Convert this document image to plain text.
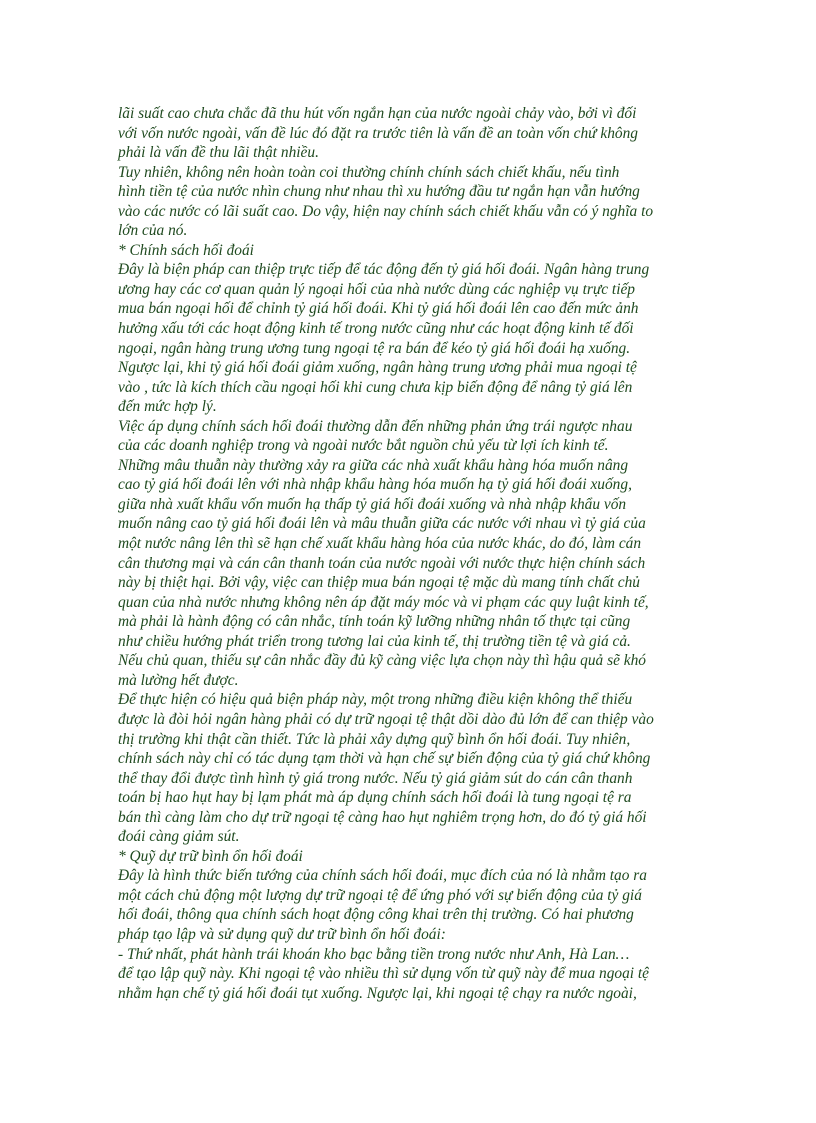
lãi suất cao chưa chắc đã thu hút vốn ngắn hạn của nước ngoài chảy vào, bởi vì đối

với vốn nước ngoài, vấn đề lúc đó đặt ra trước tiên là vấn đề an toàn vốn chứ không

phải là vấn đề thu lãi thật nhiều.

Tuy nhiên, không nên hoàn toàn coi thường chính chính sách chiết khấu, nếu tình

hình tiền tệ của nước nhìn chung như nhau thì xu hướng đầu tư ngắn hạn vẫn hướng

vào các nước có lãi suất cao. Do vậy, hiện nay chính sách chiết khấu vẫn có ý nghĩa to

lớn của nó.

* Chính sách hối đoái

Đây là biện pháp can thiệp trực tiếp để tác động đến tỷ giá hối đoái. Ngân hàng trung

ương hay các cơ quan quản lý ngoại hối của nhà nước dùng các nghiệp vụ trực tiếp

mua bán ngoại hối để chỉnh tỷ giá hối đoái. Khi tỷ giá hối đoái lên cao đến mức ảnh

hưởng xấu tới các hoạt động kinh tế trong nước cũng như các hoạt động kinh tế đối

ngoại, ngân hàng trung ương tung ngoại tệ ra bán để kéo tỷ giá hối đoái hạ xuống.

Ngược lại, khi tỷ giá hối đoái giảm xuống, ngân hàng trung ương phải mua ngoại tệ

vào , tức là kích thích cầu ngoại hối khi cung chưa kịp biến động để nâng tỷ giá lên

đến mức hợp lý.

Việc áp dụng chính sách hối đoái thường dẫn đến những phản ứng trái ngược nhau

của các doanh nghiệp trong và ngoài nước bắt nguồn chủ yếu từ lợi ích kinh tế.

Những mâu thuẫn này thường xảy ra giữa các nhà xuất khẩu hàng hóa muốn nâng

cao tỷ giá hối đoái lên với nhà nhập khẩu hàng hóa muốn hạ tỷ giá hối đoái xuống,

giữa nhà xuất khẩu vốn muốn hạ thấp tỷ giá hối đoái xuống và nhà nhập khẩu vốn

muốn nâng cao tỷ giá hối đoái lên và mâu thuẫn giữa các nước với nhau vì tỷ giá của

một nước nâng lên thì sẽ hạn chế xuất khẩu hàng hóa của nước khác, do đó, làm cán

cân thương mại và cán cân thanh toán của nước ngoài với nước thực hiện chính sách

này bị thiệt hại. Bởi vậy, việc can thiệp mua bán ngoại tệ mặc dù mang tính chất chủ

quan của nhà nước nhưng không nên áp đặt máy móc và vi phạm các quy luật kinh tế,

mà phải là hành động có cân nhắc, tính toán kỹ lưỡng những nhân tố thực tại cũng

như chiều hướng phát triển trong tương lai của kinh tế, thị trường tiền tệ và giá cả.

Nếu chủ quan, thiếu sự cân nhắc đầy đủ kỹ càng việc lựa chọn này thì hậu quả sẽ khó

mà lường hết được.

Để thực hiện có hiệu quả biện pháp này, một trong những điều kiện không thể thiếu

được là đòi hỏi ngân hàng phải có dự trữ ngoại tệ thật dồi dào đủ lớn để can thiệp vào

thị trường khi thật cần thiết. Tức là phải xây dựng quỹ bình ổn hối đoái. Tuy nhiên,

chính sách này chỉ có tác dụng tạm thời và hạn chế sự biến động của tỷ giá chứ không

thể thay đổi được tình hình tỷ giá trong nước. Nếu tỷ giá giảm sút do cán cân thanh

toán bị hao hụt hay bị lạm phát mà áp dụng chính sách hối đoái là tung ngoại tệ ra

bán thì càng làm cho dự trữ ngoại tệ càng hao hụt nghiêm trọng hơn, do đó tỷ giá hối

đoái càng giảm sút.

* Quỹ dự trữ bình ổn hối đoái

Đây là hình thức biến tướng của chính sách hối đoái, mục đích của nó là nhằm tạo ra

một cách chủ động một lượng dự trữ ngoại tệ để ứng phó với sự biến động của tỷ giá

hối đoái, thông qua chính sách hoạt động công khai trên thị trường. Có hai phương

pháp tạo lập và sử dụng quỹ dư trữ bình ổn hối đoái:

- Thứ nhất, phát hành trái khoán kho bạc bằng tiền trong nước như Anh, Hà Lan…

để tạo lập quỹ này. Khi ngoại tệ vào nhiều thì sử dụng vốn từ quỹ này để mua ngoại tệ

nhằm hạn chế tỷ giá hối đoái tụt xuống. Ngược lại, khi ngoại tệ chạy ra nước ngoài,
